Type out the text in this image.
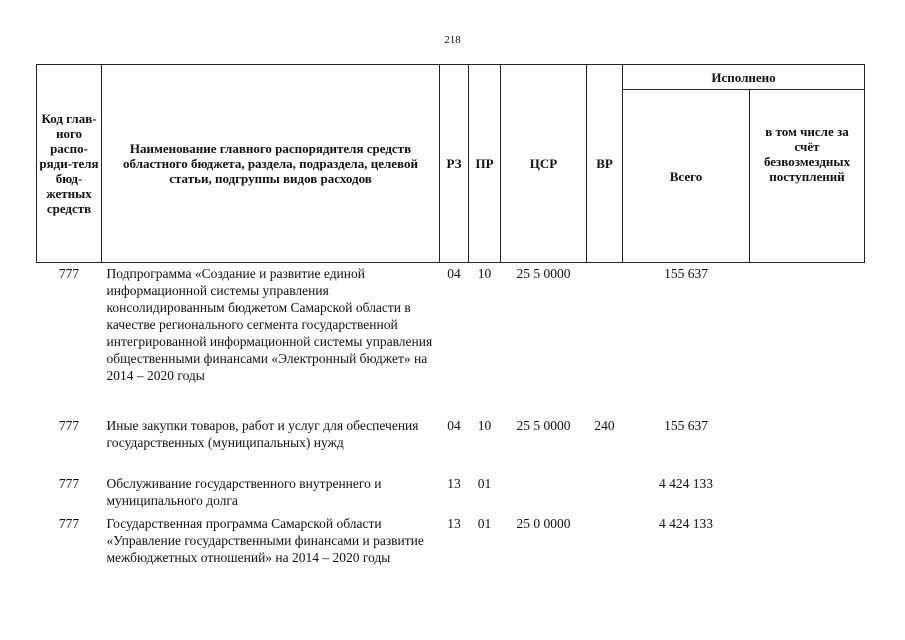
218
Код глав-ного распо-ряди-теля бюд-жетных средств	Наименование главного распорядителя средств областного бюджета, раздела, подраздела, целевой статьи, подгруппы видов расходов	РЗ	ПР	ЦСР	ВР	Исполнено	
						Всего	в том числе за счёт безвозмездных поступлений
777	Подпрограмма «Создание и развитие единой информационной системы управления консолидированным бюджетом Самарской области в качестве регионального сегмента государственной интегрированной информационной системы управления общественными финансами «Электронный бюджет» на 2014 – 2020 годы	04	10	25 5 0000		155 637	
777	Иные закупки товаров, работ и услуг для обеспечения государственных (муниципальных) нужд	04	10	25 5 0000	240	155 637	
777	Обслуживание государственного внутреннего и муниципального долга	13	01			4 424 133	
777	Государственная программа Самарской области «Управление государственными финансами и развитие межбюджетных отношений» на 2014 – 2020 годы	13	01	25 0 0000		4 424 133	
